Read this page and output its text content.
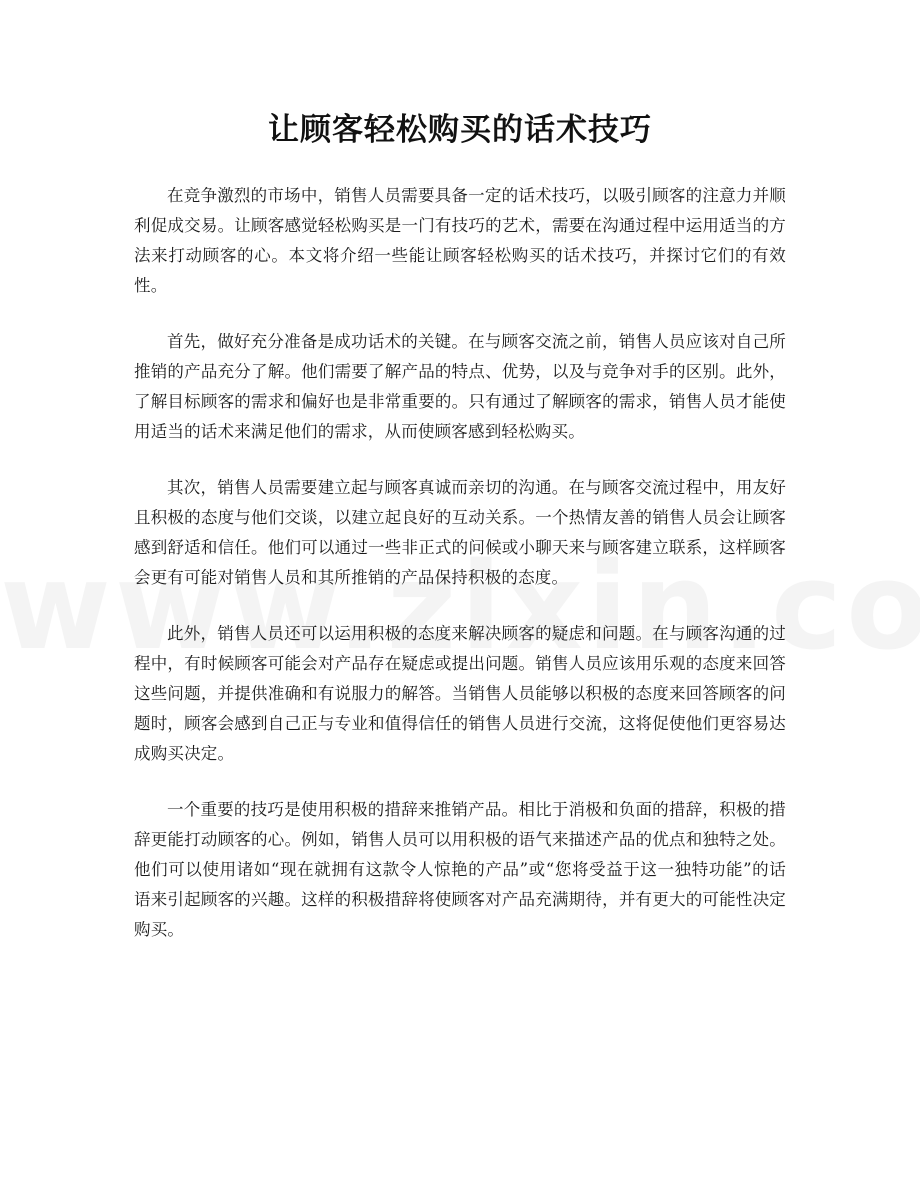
让顾客轻松购买的话术技巧

在竞争激烈的市场中，销售人员需要具备一定的话术技巧，以吸引顾客的注意力并顺利促成交易。让顾客感觉轻松购买是一门有技巧的艺术，需要在沟通过程中运用适当的方法来打动顾客的心。本文将介绍一些能让顾客轻松购买的话术技巧，并探讨它们的有效性。

首先，做好充分准备是成功话术的关键。在与顾客交流之前，销售人员应该对自己所推销的产品充分了解。他们需要了解产品的特点、优势，以及与竞争对手的区别。此外，了解目标顾客的需求和偏好也是非常重要的。只有通过了解顾客的需求，销售人员才能使用适当的话术来满足他们的需求，从而使顾客感到轻松购买。

其次，销售人员需要建立起与顾客真诚而亲切的沟通。在与顾客交流过程中，用友好且积极的态度与他们交谈，以建立起良好的互动关系。一个热情友善的销售人员会让顾客感到舒适和信任。他们可以通过一些非正式的问候或小聊天来与顾客建立联系，这样顾客会更有可能对销售人员和其所推销的产品保持积极的态度。

此外，销售人员还可以运用积极的态度来解决顾客的疑虑和问题。在与顾客沟通的过程中，有时候顾客可能会对产品存在疑虑或提出问题。销售人员应该用乐观的态度来回答这些问题，并提供准确和有说服力的解答。当销售人员能够以积极的态度来回答顾客的问题时，顾客会感到自己正与专业和值得信任的销售人员进行交流，这将促使他们更容易达成购买决定。

一个重要的技巧是使用积极的措辞来推销产品。相比于消极和负面的措辞，积极的措辞更能打动顾客的心。例如，销售人员可以用积极的语气来描述产品的优点和独特之处。他们可以使用诸如“现在就拥有这款令人惊艳的产品”或“您将受益于这一独特功能”的话语来引起顾客的兴趣。这样的积极措辞将使顾客对产品充满期待，并有更大的可能性决定购买。
